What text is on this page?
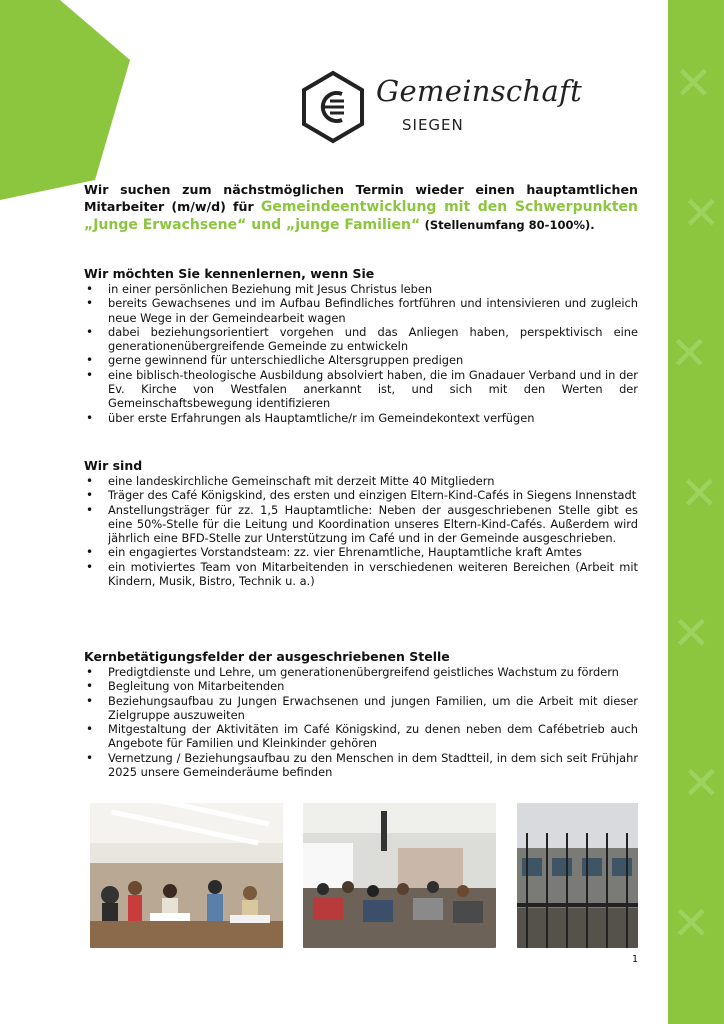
✕
✕
✕
✕
✕
✕
✕
Gemeinschaft
SIEGEN

Wir suchen zum nächstmöglichen Termin wieder einen hauptamtlichen Mitarbeiter (m/w/d) für Gemeindeentwicklung mit den Schwerpunkten „Junge Erwachsene“ und „junge Familien“ (Stellenumfang 80-100%).

Wir möchten Sie kennenlernen, wenn Sie
• in einer persönlichen Beziehung mit Jesus Christus leben
• bereits Gewachsenes und im Aufbau Befindliches fortführen und intensivieren und zugleich neue Wege in der Gemeindearbeit wagen
• dabei beziehungsorientiert vorgehen und das Anliegen haben, perspektivisch eine generationenübergreifende Gemeinde zu entwickeln
• gerne gewinnend für unterschiedliche Altersgruppen predigen
• eine biblisch-theologische Ausbildung absolviert haben, die im Gnadauer Verband und in der Ev. Kirche von Westfalen anerkannt ist, und sich mit den Werten der Gemeinschaftsbewegung identifizieren
• über erste Erfahrungen als Hauptamtliche/r im Gemeindekontext verfügen
Wir sind
• eine landeskirchliche Gemeinschaft mit derzeit Mitte 40 Mitgliedern
• Träger des Café Königskind, des ersten und einzigen Eltern-Kind-Cafés in Siegens Innenstadt
• Anstellungsträger für zz. 1,5 Hauptamtliche: Neben der ausgeschriebenen Stelle gibt es eine 50%-Stelle für die Leitung und Koordination unseres Eltern-Kind-Cafés. Außerdem wird jährlich eine BFD-Stelle zur Unterstützung im Café und in der Gemeinde ausgeschrieben.
• ein engagiertes Vorstandsteam: zz. vier Ehrenamtliche, Hauptamtliche kraft Amtes
• ein motiviertes Team von Mitarbeitenden in verschiedenen weiteren Bereichen (Arbeit mit Kindern, Musik, Bistro, Technik u. a.)
Kernbetätigungsfelder der ausgeschriebenen Stelle
• Predigtdienste und Lehre, um generationenübergreifend geistliches Wachstum zu fördern
• Begleitung von Mitarbeitenden
• Beziehungsaufbau zu Jungen Erwachsenen und jungen Familien, um die Arbeit mit dieser Zielgruppe auszuweiten
• Mitgestaltung der Aktivitäten im Café Königskind, zu denen neben dem Cafébetrieb auch Angebote für Familien und Kleinkinder gehören
• Vernetzung / Beziehungsaufbau zu den Menschen in dem Stadtteil, in dem sich seit Frühjahr 2025 unsere Gemeinderäume befinden
1
